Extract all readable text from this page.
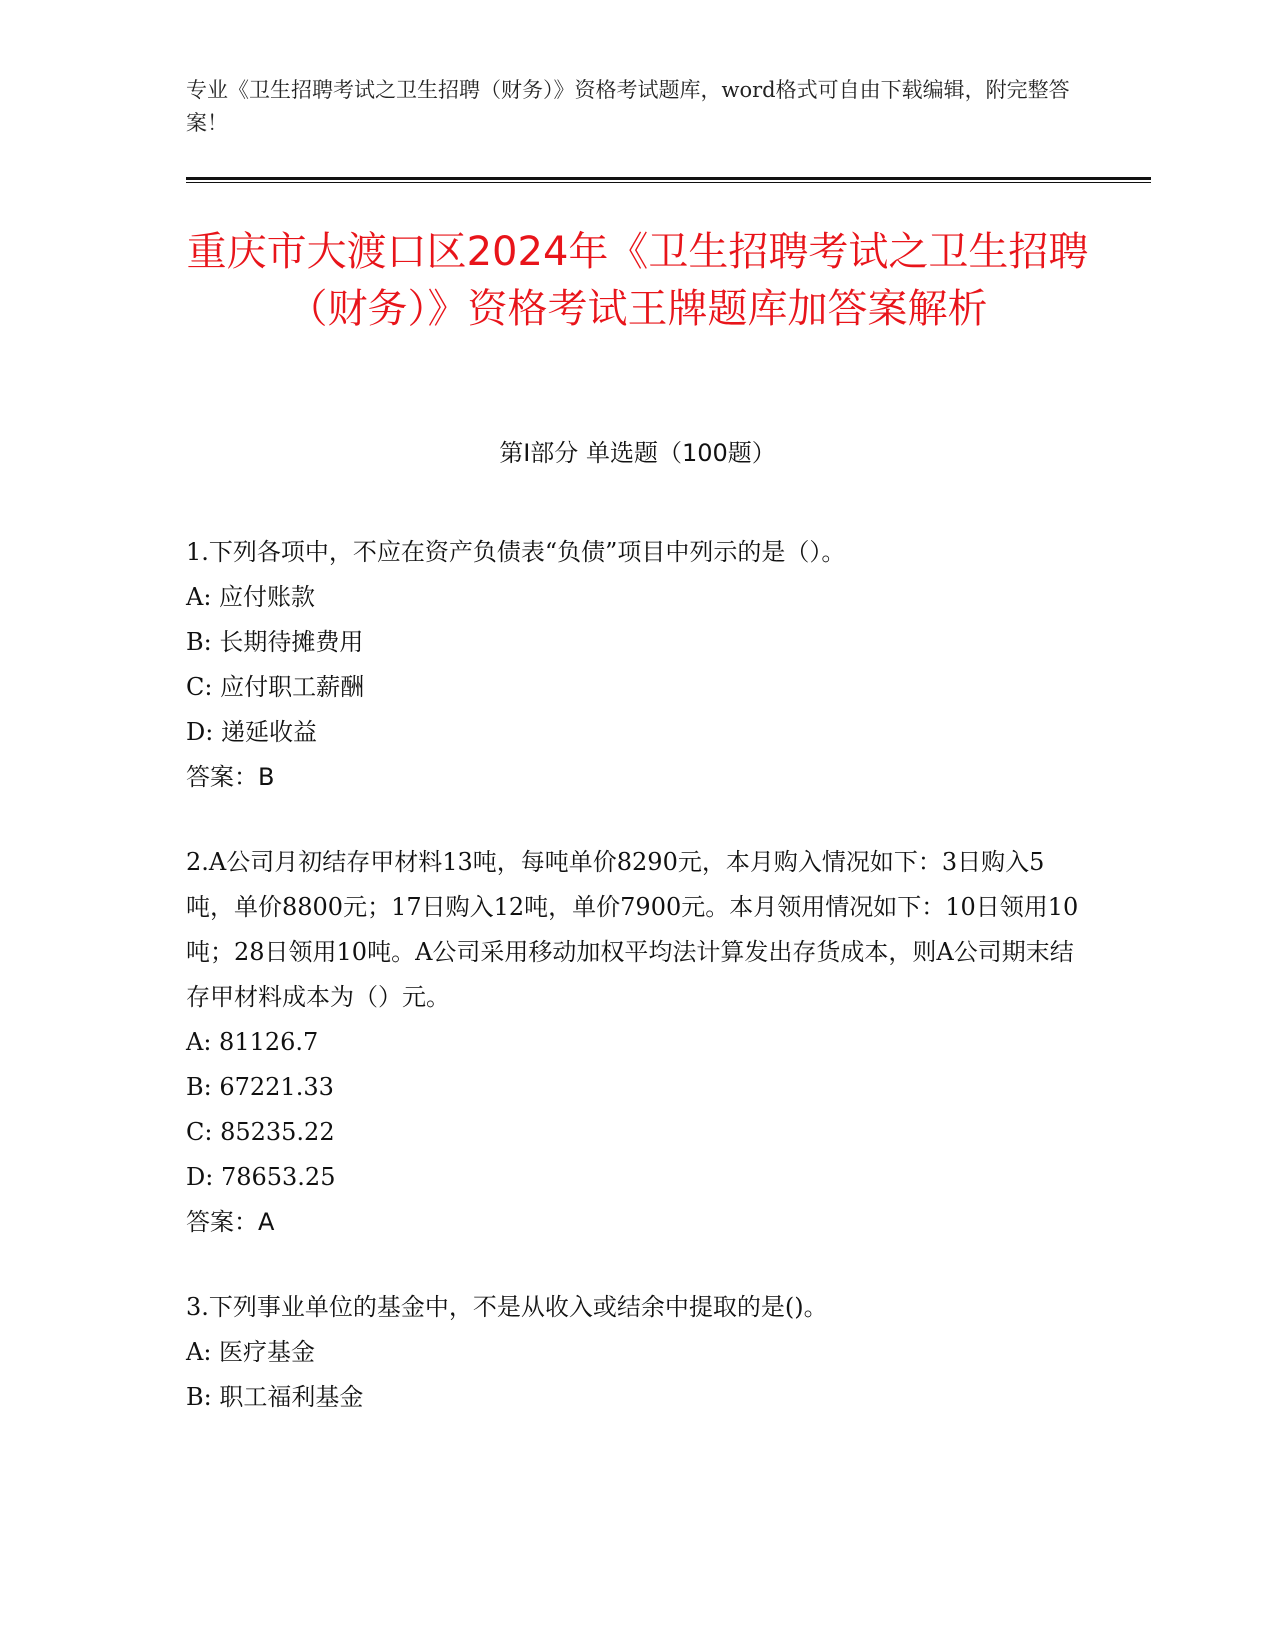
专业《卫生招聘考试之卫生招聘（财务）》资格考试题库，word格式可自由下载编辑，附完整答案！
重庆市大渡口区2024年《卫生招聘考试之卫生招聘（财务）》资格考试王牌题库加答案解析
第I部分 单选题（100题）
1.下列各项中，不应在资产负债表“负债”项目中列示的是（）。
A: 应付账款
B: 长期待摊费用
C: 应付职工薪酬
D: 递延收益
答案：B
2.A公司月初结存甲材料13吨，每吨单价8290元，本月购入情况如下：3日购入5吨，单价8800元；17日购入12吨，单价7900元。本月领用情况如下：10日领用10吨；28日领用10吨。A公司采用移动加权平均法计算发出存货成本，则A公司期末结存甲材料成本为（）元。
A: 81126.7
B: 67221.33
C: 85235.22
D: 78653.25
答案：A
3.下列事业单位的基金中，不是从收入或结余中提取的是()。
A: 医疗基金
B: 职工福利基金
